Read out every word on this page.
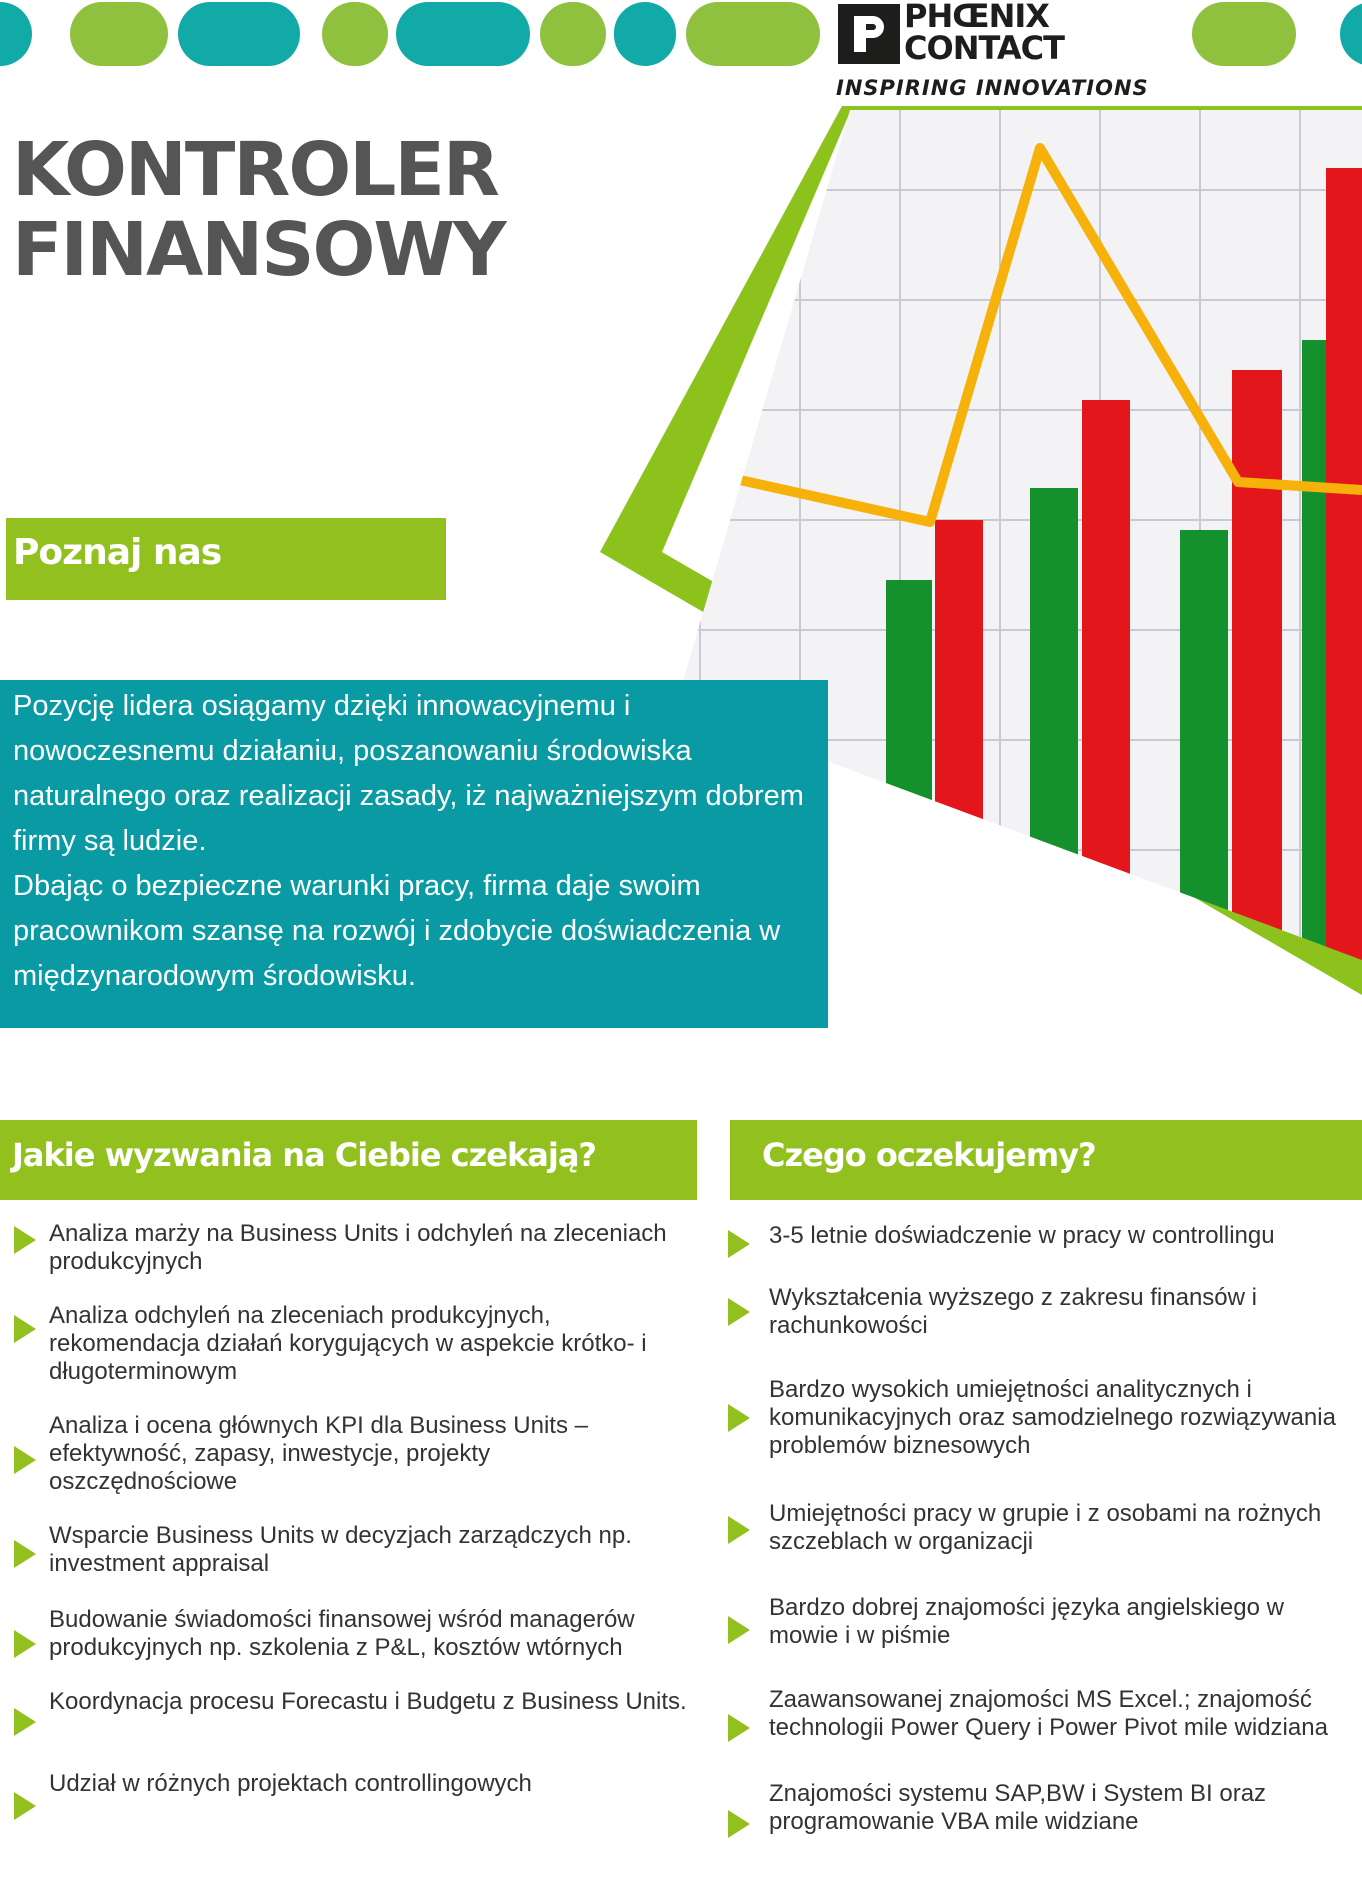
PHŒNIX
CONTACT
INSPIRING INNOVATIONS
KONTROLER
FINANSOWY
Poznaj nas

Pozycję lidera osiągamy dzięki innowacyjnemu i nowoczesnemu działaniu, poszanowaniu środowiska naturalnego oraz realizacji zasady, iż najważniejszym dobrem firmy są ludzie.
Dbając o bezpieczne warunki pracy, firma daje swoim pracownikom szansę na rozwój i zdobycie doświadczenia w międzynarodowym środowisku.

Jakie wyzwania na Ciebie czekają?	Czego oczekujemy?
Analiza marży na Business Units i odchyleń na zleceniach produkcyjnych
Analiza odchyleń na zleceniach produkcyjnych, rekomendacja działań korygujących w aspekcie krótko- i długoterminowym
Analiza i ocena głównych KPI dla Business Units – efektywność, zapasy, inwestycje, projekty oszczędnościowe
Wsparcie Business Units w decyzjach zarządczych np. investment appraisal
Budowanie świadomości finansowej wśród managerów produkcyjnych np. szkolenia z P&L, kosztów wtórnych
Koordynacja procesu Forecastu i Budgetu z Business Units.
Udział w różnych projektach controllingowych
3-5 letnie doświadczenie w pracy w controllingu
Wykształcenia wyższego z zakresu finansów i rachunkowości
Bardzo wysokich umiejętności analitycznych i komunikacyjnych oraz samodzielnego rozwiązywania problemów biznesowych
Umiejętności pracy w grupie i z osobami na rożnych szczeblach w organizacji
Bardzo dobrej znajomości języka angielskiego w mowie i w piśmie
Zaawansowanej znajomości MS Excel.; znajomość technologii Power Query i Power Pivot mile widziana
Znajomości systemu SAP,BW i System BI oraz programowanie VBA mile widziane
